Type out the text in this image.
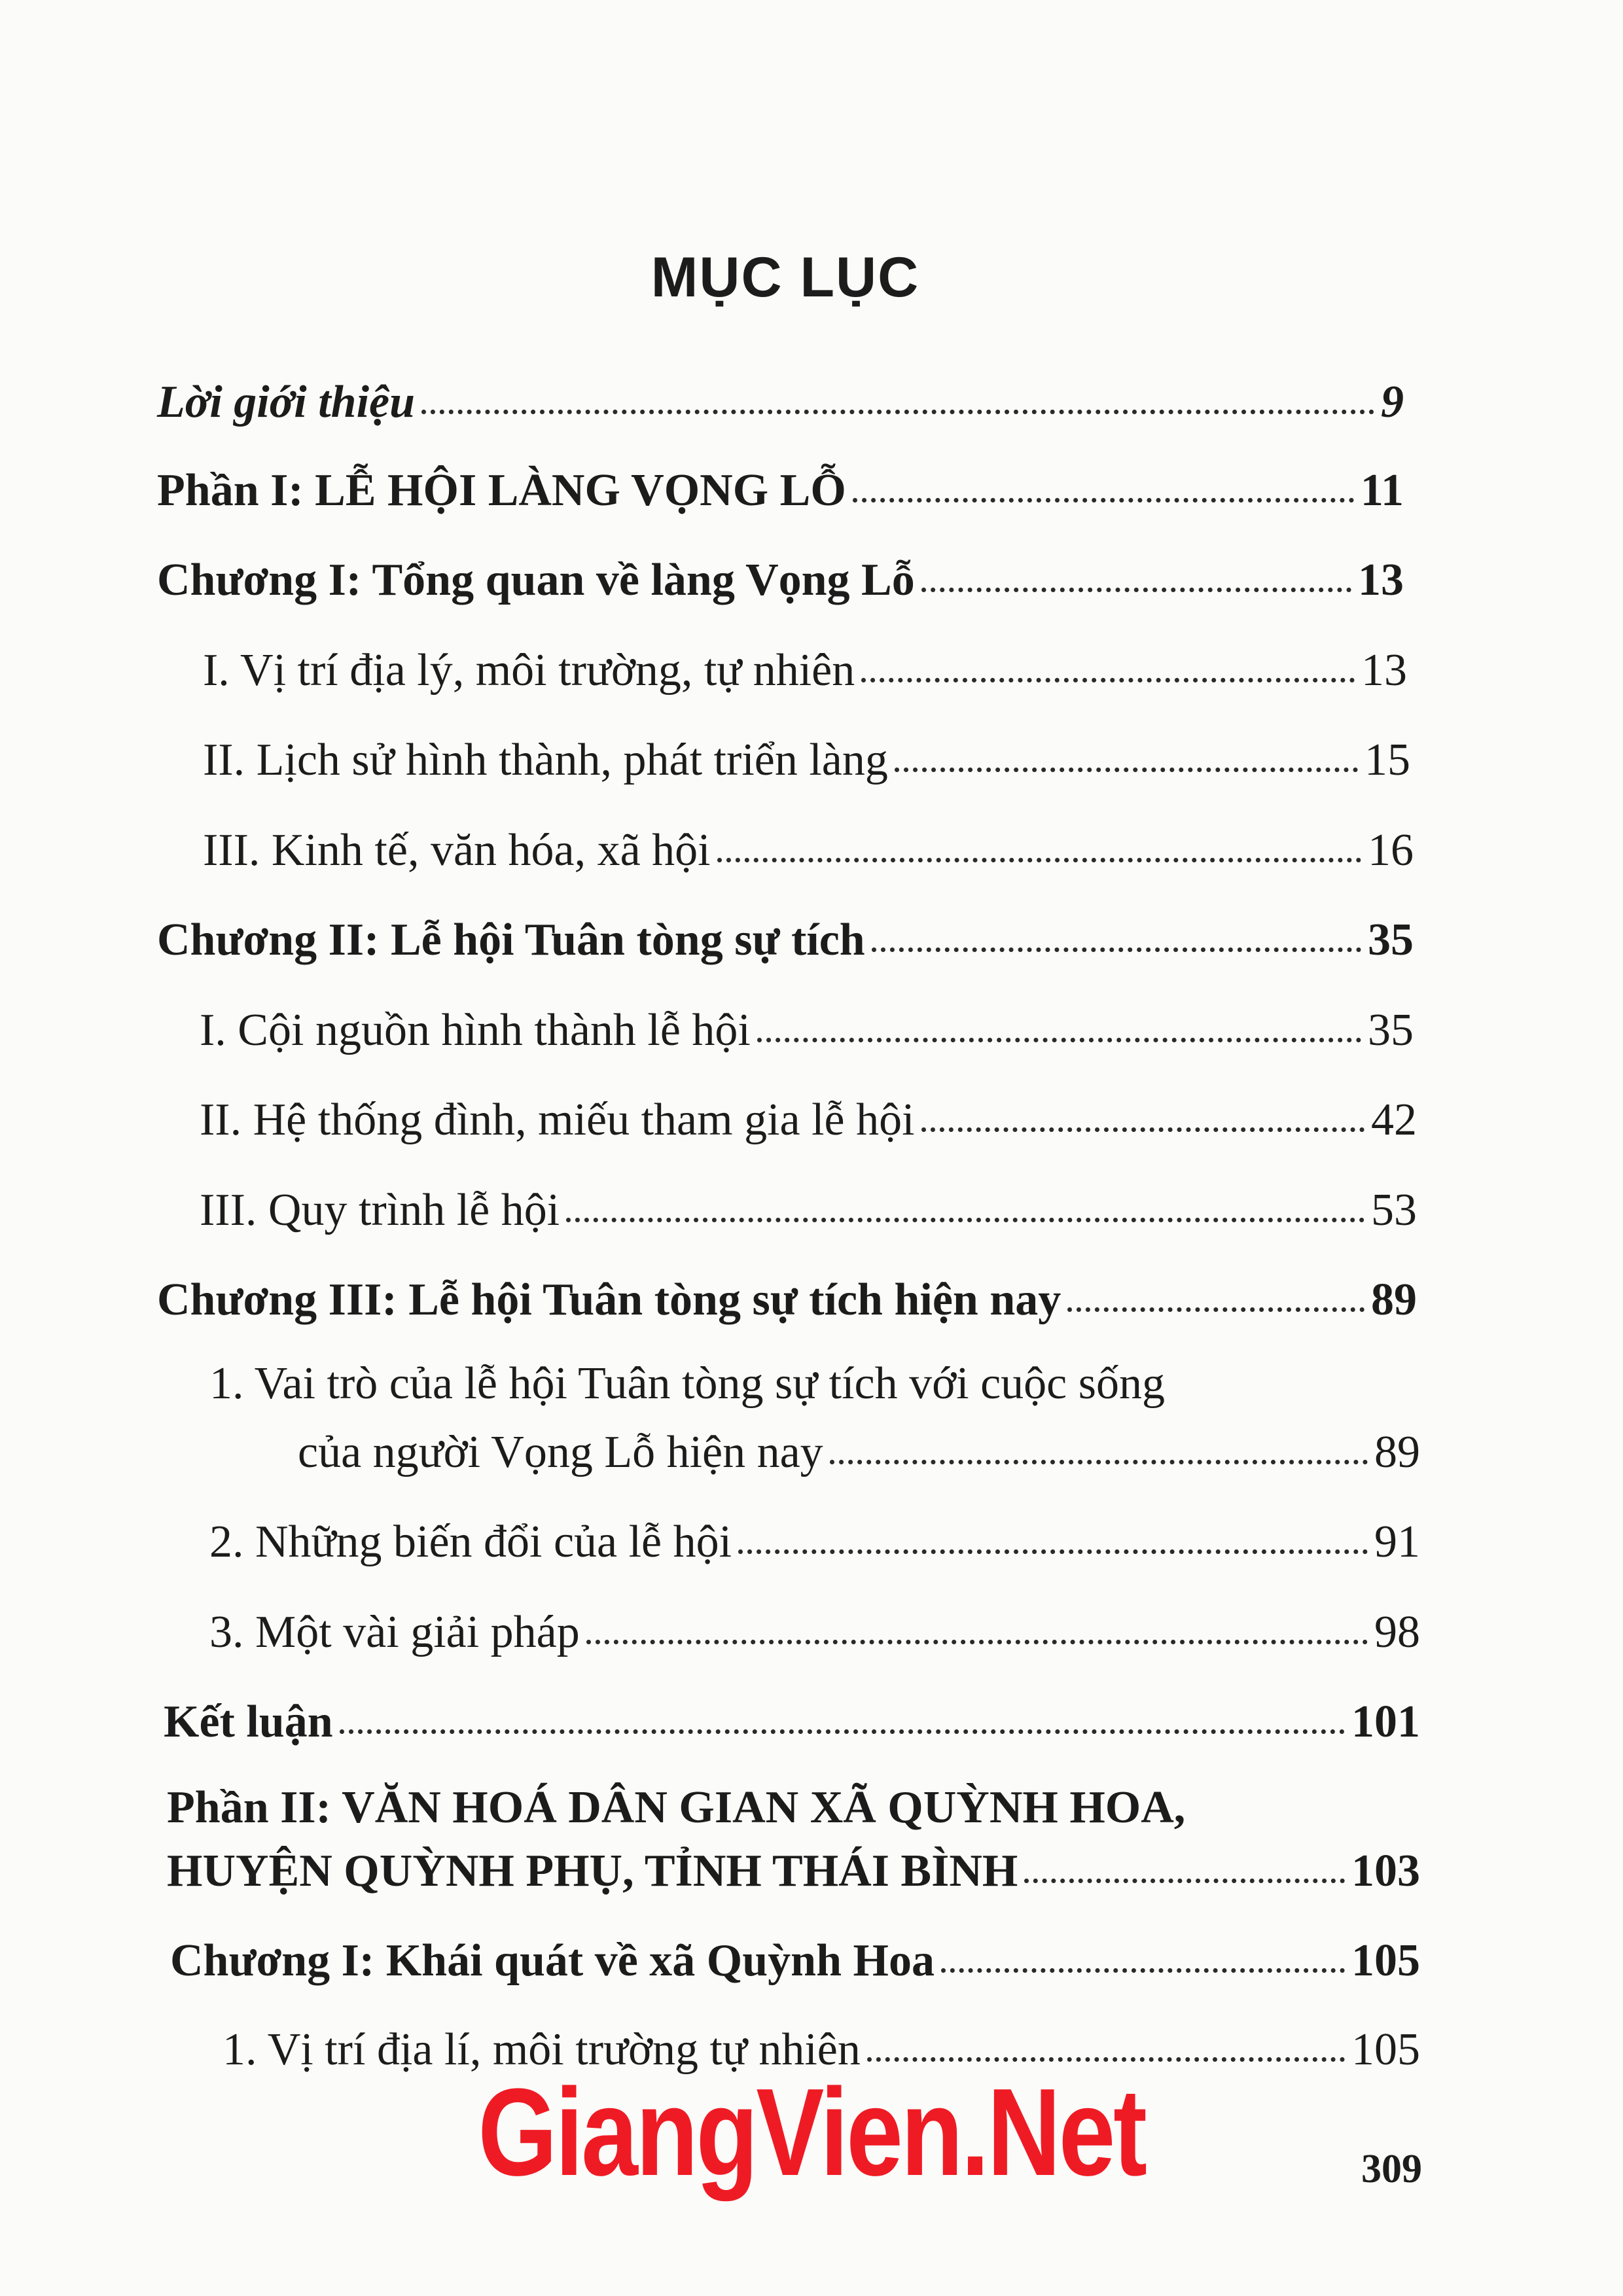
MỤC LỤC
Lời giới thiệu	9
Phần I: LỄ HỘI LÀNG VỌNG LỖ	11
Chương I: Tổng quan về làng Vọng Lỗ	13
I. Vị trí địa lý, môi trường, tự nhiên	13
II. Lịch sử hình thành, phát triển làng	15
III. Kinh tế, văn hóa, xã hội	16
Chương II: Lễ hội Tuân tòng sự tích	35
I. Cội nguồn hình thành lễ hội	35
II. Hệ thống đình, miếu tham gia lễ hội	42
III. Quy trình lễ hội	53
Chương III: Lễ hội Tuân tòng sự tích hiện nay	89
1. Vai trò của lễ hội Tuân tòng sự tích với cuộc sống
của người Vọng Lỗ hiện nay	89
2. Những biến đổi của lễ hội	91
3. Một vài giải pháp	98
Kết luận	101
Phần II: VĂN HOÁ DÂN GIAN XÃ QUỲNH HOA,
HUYỆN QUỲNH PHỤ, TỈNH THÁI BÌNH	103
Chương I: Khái quát về xã Quỳnh Hoa	105
1. Vị trí địa lí, môi trường tự nhiên	105
GiangVien.Net	309
